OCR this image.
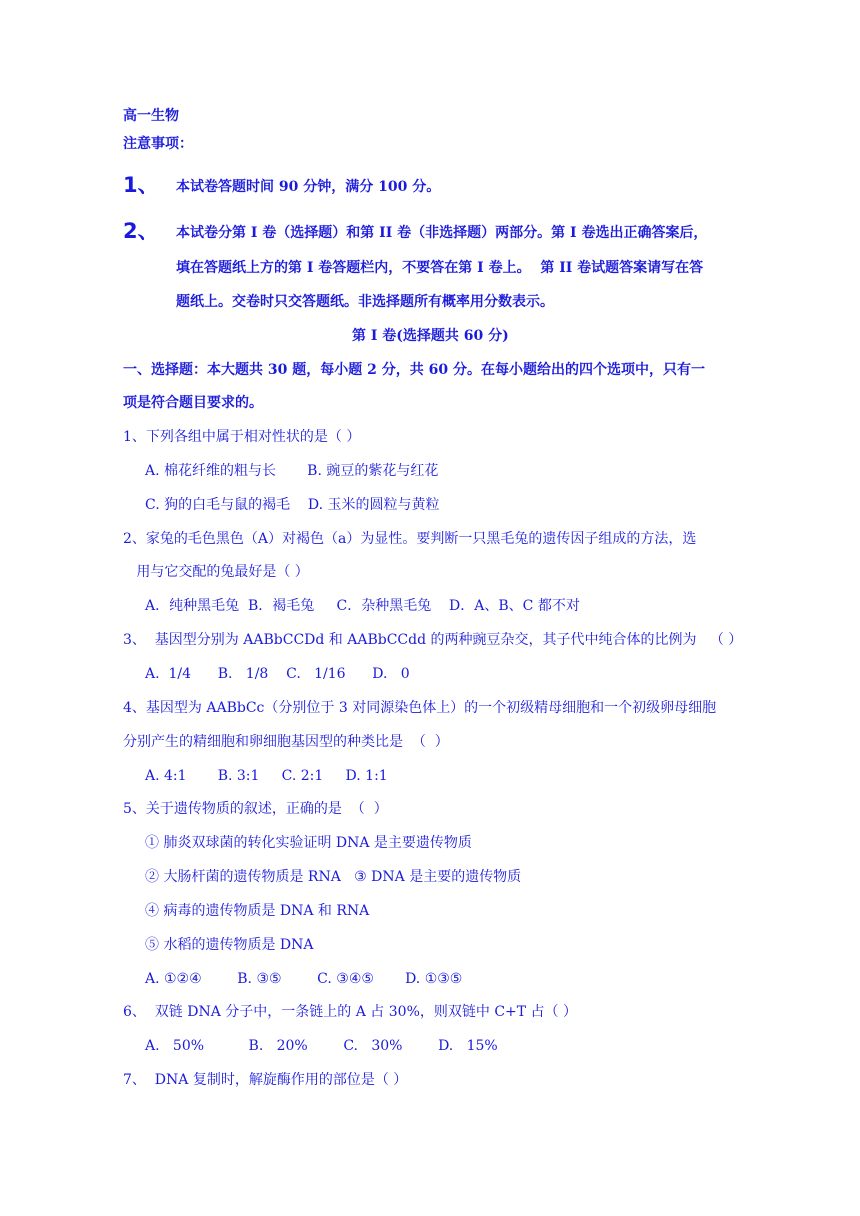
高一生物
注意事项：
1、 本试卷答题时间 90 分钟，满分 100 分。
2、 本试卷分第 I 卷（选择题）和第 II 卷（非选择题）两部分。第 I 卷选出正确答案后，
填在答题纸上方的第 I 卷答题栏内，不要答在第 I 卷上。  第 II 卷试题答案请写在答
题纸上。交卷时只交答题纸。非选择题所有概率用分数表示。
第 I 卷(选择题共 60 分)
一、选择题：本大题共 30 题，每小题 2 分，共 60 分。在每小题给出的四个选项中，只有一
项是符合题目要求的。
1、下列各组中属于相对性状的是（ ）
A. 棉花纤维的粗与长       B. 豌豆的紫花与红花
C. 狗的白毛与鼠的褐毛    D. 玉米的圆粒与黄粒
2、家兔的毛色黑色（A）对褐色（a）为显性。要判断一只黑毛兔的遗传因子组成的方法，选
用与它交配的兔最好是（ ）
A．纯种黑毛兔  B．褐毛兔     C．杂种黑毛兔    D．A、B、C 都不对
3、  基因型分别为 AABbCCDd 和 AABbCCdd 的两种豌豆杂交，其子代中纯合体的比例为   （ ）
A.  1/4      B.   1/8    C.   1/16      D.   0
4、基因型为 AABbCc（分别位于 3 对同源染色体上）的一个初级精母细胞和一个初级卵母细胞
分别产生的精细胞和卵细胞基因型的种类比是  （  ）
A. 4:1       B. 3:1     C. 2:1     D. 1:1
5、关于遗传物质的叙述，正确的是  （  ）
① 肺炎双球菌的转化实验证明 DNA 是主要遗传物质
② 大肠杆菌的遗传物质是 RNA   ③ DNA 是主要的遗传物质
④ 病毒的遗传物质是 DNA 和 RNA
⑤ 水稻的遗传物质是 DNA
A. ①②④        B. ③⑤        C. ③④⑤       D. ①③⑤
6、  双链 DNA 分子中，一条链上的 A 占 30%，则双链中 C+T 占（ ）
A.   50%          B.   20%        C.   30%        D.   15%
7、  DNA 复制时，解旋酶作用的部位是（ ）
